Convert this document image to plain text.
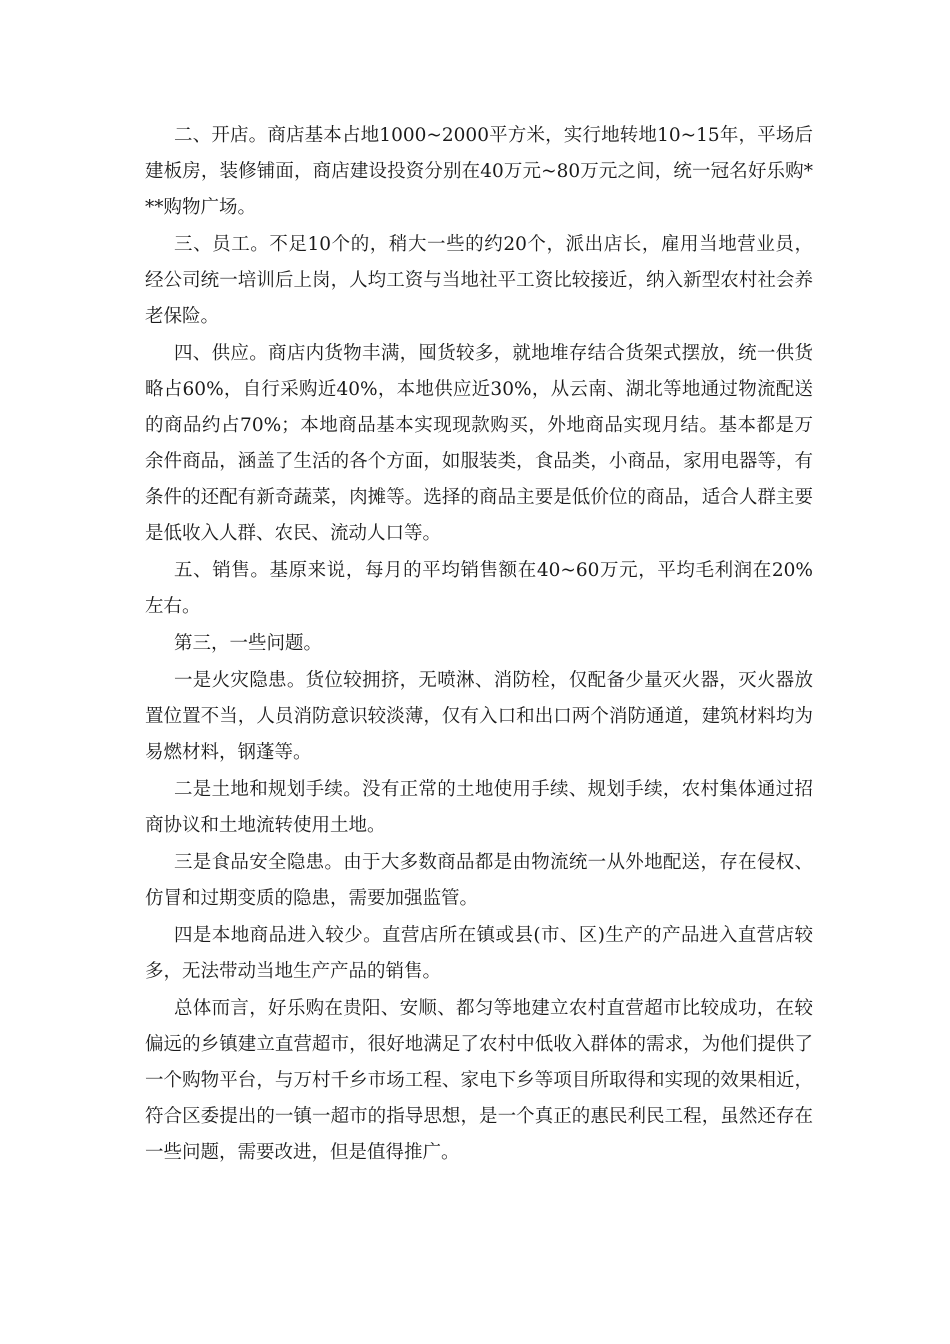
二、开店。商店基本占地1000~2000平方米，实行地转地10~15年，平场后建板房，装修铺面，商店建设投资分别在40万元~80万元之间，统一冠名好乐购***购物广场。

三、员工。不足10个的，稍大一些的约20个，派出店长，雇用当地营业员，经公司统一培训后上岗，人均工资与当地社平工资比较接近，纳入新型农村社会养老保险。

四、供应。商店内货物丰满，囤货较多，就地堆存结合货架式摆放，统一供货略占60%，自行采购近40%，本地供应近30%，从云南、湖北等地通过物流配送的商品约占70%；本地商品基本实现现款购买，外地商品实现月结。基本都是万余件商品，涵盖了生活的各个方面，如服装类，食品类，小商品，家用电器等，有条件的还配有新奇蔬菜，肉摊等。选择的商品主要是低价位的商品，适合人群主要是低收入人群、农民、流动人口等。

五、销售。基原来说，每月的平均销售额在40~60万元，平均毛利润在20%左右。

第三，一些问题。

一是火灾隐患。货位较拥挤，无喷淋、消防栓，仅配备少量灭火器，灭火器放置位置不当，人员消防意识较淡薄，仅有入口和出口两个消防通道，建筑材料均为易燃材料，钢蓬等。

二是土地和规划手续。没有正常的土地使用手续、规划手续，农村集体通过招商协议和土地流转使用土地。

三是食品安全隐患。由于大多数商品都是由物流统一从外地配送，存在侵权、仿冒和过期变质的隐患，需要加强监管。

四是本地商品进入较少。直营店所在镇或县(市、区)生产的产品进入直营店较多，无法带动当地生产产品的销售。

总体而言，好乐购在贵阳、安顺、都匀等地建立农村直营超市比较成功，在较偏远的乡镇建立直营超市，很好地满足了农村中低收入群体的需求，为他们提供了一个购物平台，与万村千乡市场工程、家电下乡等项目所取得和实现的效果相近，符合区委提出的一镇一超市的指导思想，是一个真正的惠民利民工程，虽然还存在一些问题，需要改进，但是值得推广。
